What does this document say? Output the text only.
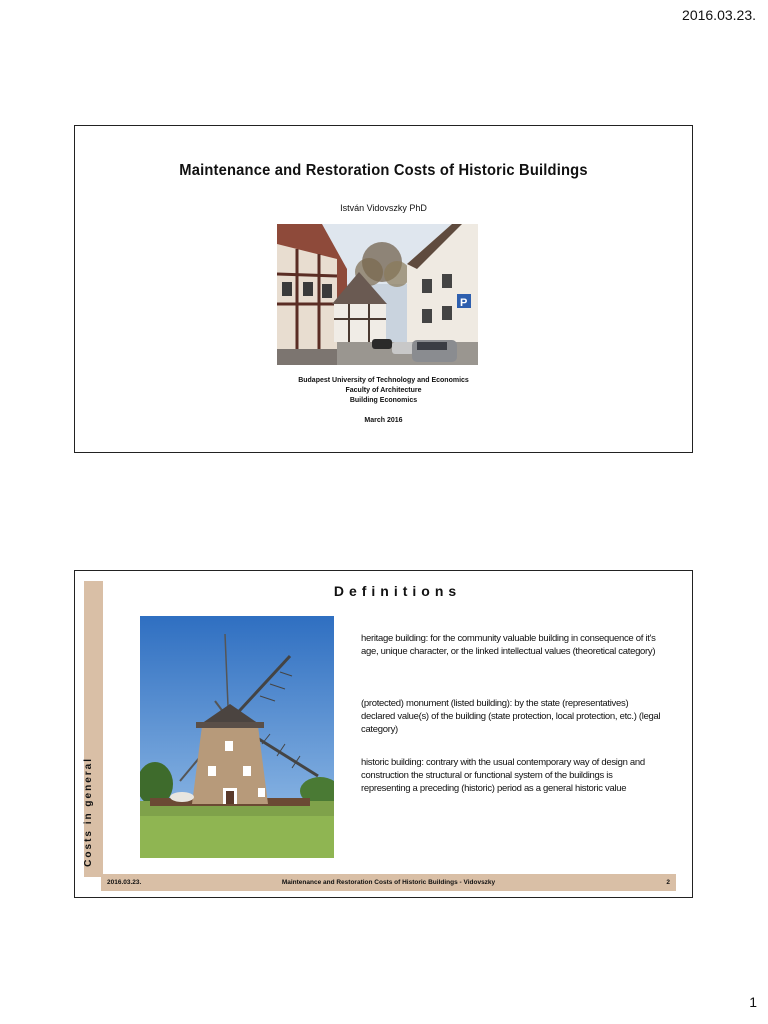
2016.03.23.
Maintenance and Restoration Costs of Historic Buildings
István Vidovszky PhD
P
Budapest University of Technology and Economics
Faculty of Architecture
Building Economics
March 2016
Costs in general
Definitions
heritage building: for the community valuable building in consequence of it's age, unique character, or the linked intellectual values (theoretical category)
(protected) monument (listed building): by the state (representatives) declared value(s) of the building (state protection, local protection, etc.) (legal category)
historic building: contrary with the usual contemporary way of design and construction the structural or functional system of the buildings is representing a preceding (historic) period as a general historic value
2016.03.23.	Maintenance and Restoration Costs of Historic Buildings - Vidovszky	2
1
